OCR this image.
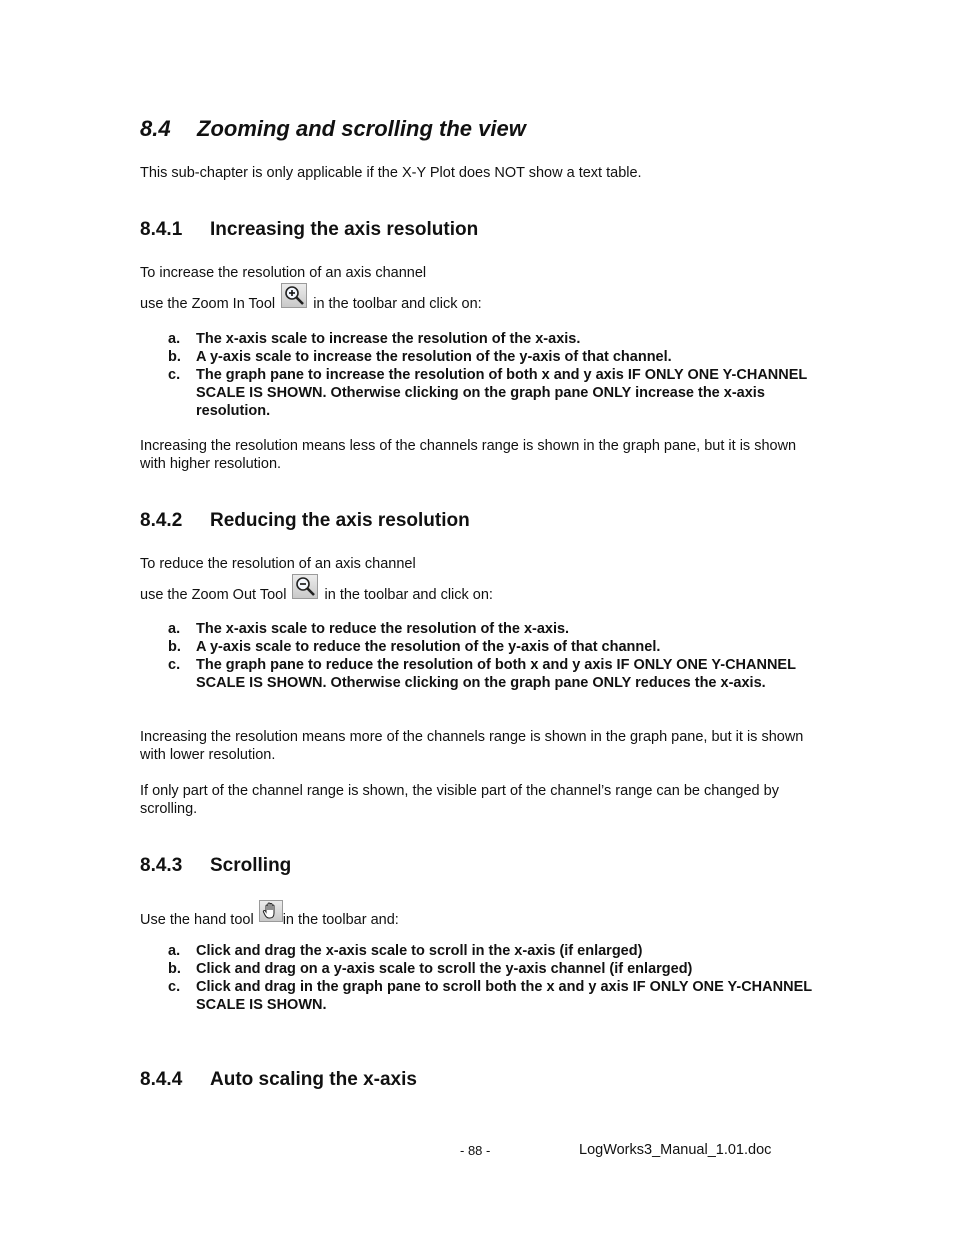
8.4 Zooming and scrolling the view
This sub-chapter is only applicable if the X-Y Plot does NOT show a text table.
8.4.1 Increasing the axis resolution
To increase the resolution of an axis channel
use the Zoom In Tool	in the toolbar and click on:
a. The x-axis scale to increase the resolution of the x-axis.
b. A y-axis scale to increase the resolution of the y-axis of that channel.
c. The graph pane to increase the resolution of both x and y axis IF ONLY ONE Y-CHANNEL SCALE IS SHOWN. Otherwise clicking on the graph pane ONLY increase the x-axis resolution.
Increasing the resolution means less of the channels range is shown in the graph pane, but it is shown with higher resolution.
8.4.2 Reducing the axis resolution
To reduce the resolution of an axis channel
use the Zoom Out Tool	in the toolbar and click on:
a. The x-axis scale to reduce the resolution of the x-axis.
b. A y-axis scale to reduce the resolution of the y-axis of that channel.
c. The graph pane to reduce the resolution of both x and y axis IF ONLY ONE Y-CHANNEL SCALE IS SHOWN. Otherwise clicking on the graph pane ONLY reduces the x-axis.
Increasing the resolution means more of the channels range is shown in the graph pane, but it is shown with lower resolution.
If only part of the channel range is shown, the visible part of the channel’s range can be changed by scrolling.
8.4.3 Scrolling
Use the hand tool in the toolbar and:
a. Click and drag the x-axis scale to scroll in the x-axis (if enlarged)
b. Click and drag on a y-axis scale to scroll the y-axis channel (if enlarged)
c. Click and drag in the graph pane to scroll both the x and y axis IF ONLY ONE Y-CHANNEL SCALE IS SHOWN.
8.4.4 Auto scaling the x-axis
- 88 -	LogWorks3_Manual_1.01.doc
